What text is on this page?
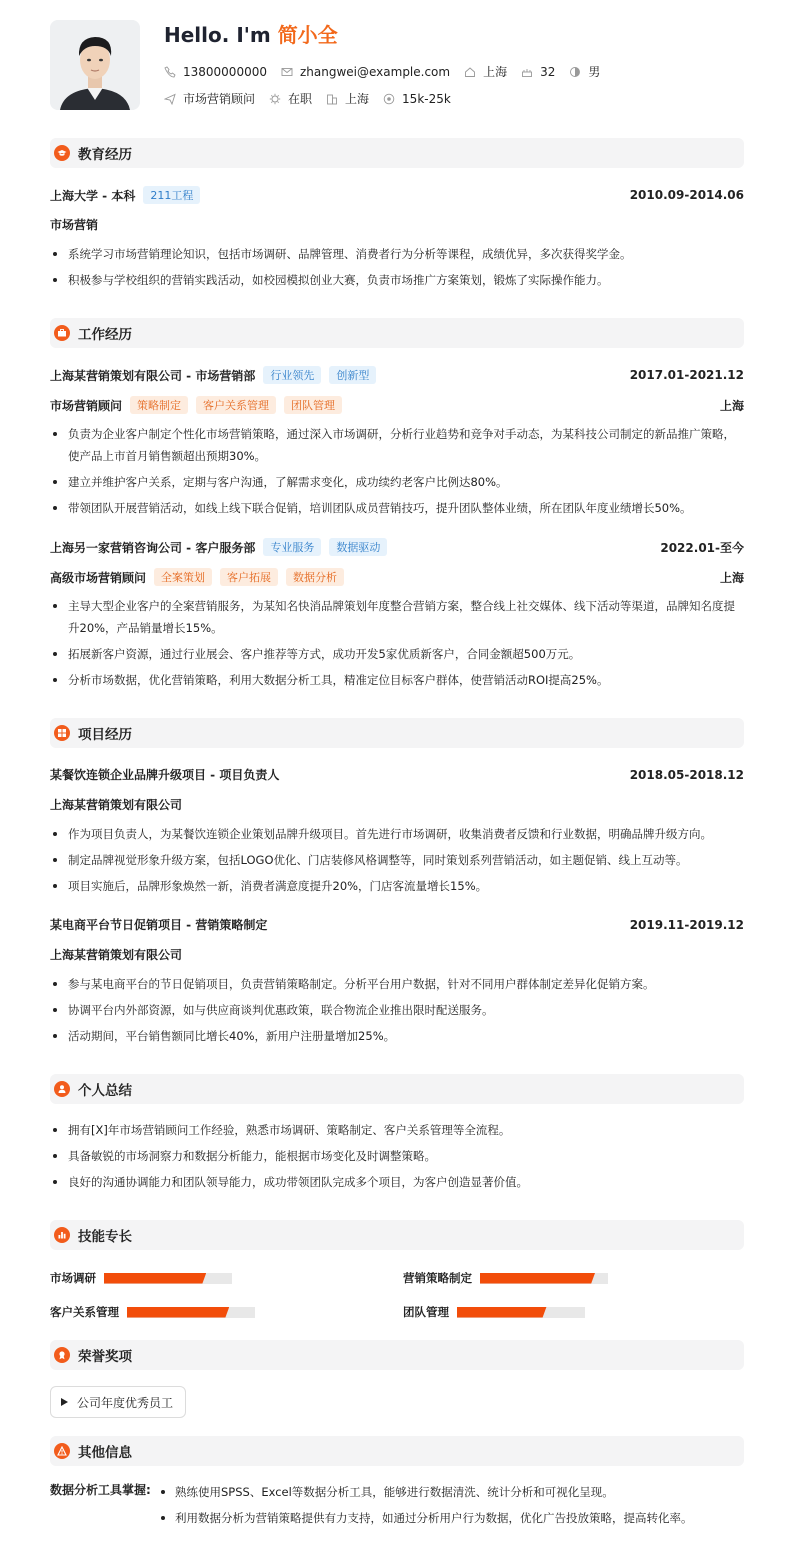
Hello. I'm 简小全
13800000000	zhangwei@example.com	上海	32	男
市场营销顾问	在职	上海	15k-25k
教育经历
上海大学 - 本科	211工程	2010.09-2014.06
市场营销
系统学习市场营销理论知识，包括市场调研、品牌管理、消费者行为分析等课程，成绩优异，多次获得奖学金。
积极参与学校组织的营销实践活动，如校园模拟创业大赛，负责市场推广方案策划，锻炼了实际操作能力。
工作经历
上海某营销策划有限公司 - 市场营销部	行业领先	创新型	2017.01-2021.12
市场营销顾问	策略制定	客户关系管理	团队管理	上海
负责为企业客户制定个性化市场营销策略，通过深入市场调研，分析行业趋势和竞争对手动态，为某科技公司制定的新品推广策略，使产品上市首月销售额超出预期30%。
建立并维护客户关系，定期与客户沟通，了解需求变化，成功续约老客户比例达80%。
带领团队开展营销活动，如线上线下联合促销，培训团队成员营销技巧，提升团队整体业绩，所在团队年度业绩增长50%。
上海另一家营销咨询公司 - 客户服务部	专业服务	数据驱动	2022.01-至今
高级市场营销顾问	全案策划	客户拓展	数据分析	上海
主导大型企业客户的全案营销服务，为某知名快消品牌策划年度整合营销方案，整合线上社交媒体、线下活动等渠道，品牌知名度提升20%，产品销量增长15%。
拓展新客户资源，通过行业展会、客户推荐等方式，成功开发5家优质新客户，合同金额超500万元。
分析市场数据，优化营销策略，利用大数据分析工具，精准定位目标客户群体，使营销活动ROI提高25%。
项目经历
某餐饮连锁企业品牌升级项目 - 项目负责人	2018.05-2018.12
上海某营销策划有限公司
作为项目负责人，为某餐饮连锁企业策划品牌升级项目。首先进行市场调研，收集消费者反馈和行业数据，明确品牌升级方向。
制定品牌视觉形象升级方案，包括LOGO优化、门店装修风格调整等，同时策划系列营销活动，如主题促销、线上互动等。
项目实施后，品牌形象焕然一新，消费者满意度提升20%，门店客流量增长15%。
某电商平台节日促销项目 - 营销策略制定	2019.11-2019.12
上海某营销策划有限公司
参与某电商平台的节日促销项目，负责营销策略制定。分析平台用户数据，针对不同用户群体制定差异化促销方案。
协调平台内外部资源，如与供应商谈判优惠政策，联合物流企业推出限时配送服务。
活动期间，平台销售额同比增长40%，新用户注册量增加25%。
个人总结
拥有[X]年市场营销顾问工作经验，熟悉市场调研、策略制定、客户关系管理等全流程。
具备敏锐的市场洞察力和数据分析能力，能根据市场变化及时调整策略。
良好的沟通协调能力和团队领导能力，成功带领团队完成多个项目，为客户创造显著价值。
技能专长
市场调研	营销策略制定
客户关系管理	团队管理
荣誉奖项
公司年度优秀员工
其他信息
数据分析工具掌握:	熟练使用SPSS、Excel等数据分析工具，能够进行数据清洗、统计分析和可视化呈现。
利用数据分析为营销策略提供有力支持，如通过分析用户行为数据，优化广告投放策略，提高转化率。
